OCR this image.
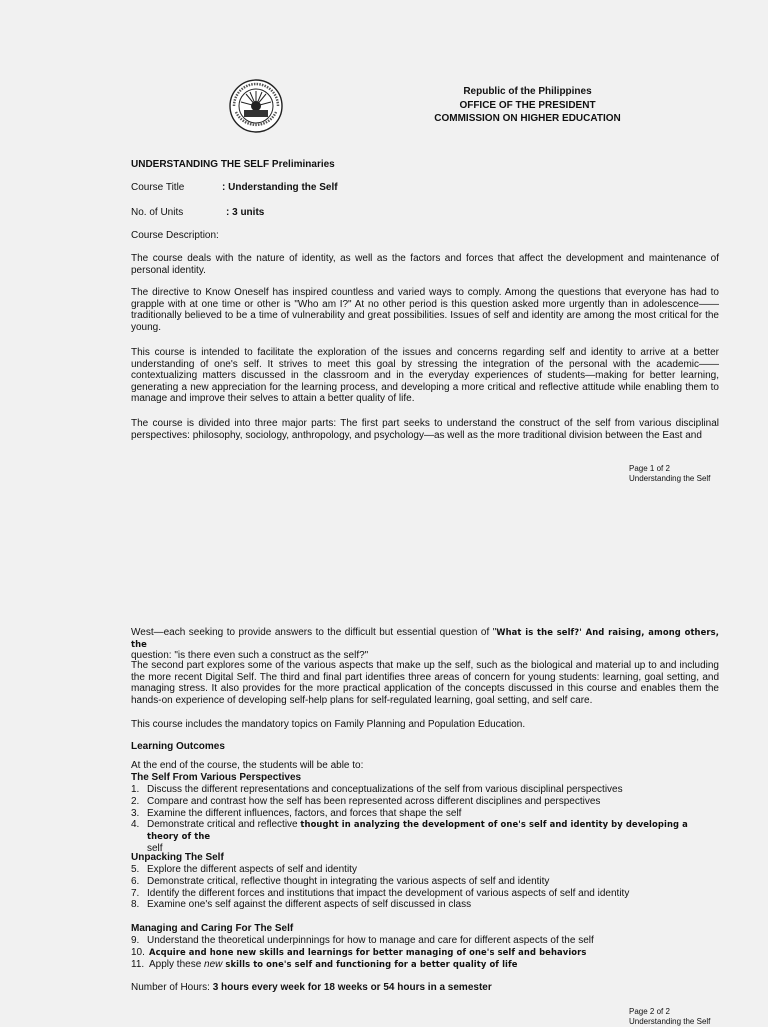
Republic of the Philippines
OFFICE OF THE PRESIDENT
COMMISSION ON HIGHER EDUCATION
UNDERSTANDING THE SELF Preliminaries
Course Title	: Understanding the Self
No. of Units	: 3 units
Course Description:
The course deals with the nature of identity, as well as the factors and forces that affect the development and maintenance of personal identity.
The directive to Know Oneself has inspired countless and varied ways to comply. Among the questions that everyone has had to grapple with at one time or other is "Who am I?" At no other period is this question asked more urgently than in adolescence—— traditionally believed to be a time of vulnerability and great possibilities. Issues of self and identity are among the most critical for the young.
This course is intended to facilitate the exploration of the issues and concerns regarding self and identity to arrive at a better understanding of one's self. It strives to meet this goal by stressing the integration of the personal with the academic—— contextualizing matters discussed in the classroom and in the everyday experiences of students—making for better learning, generating a new appreciation for the learning process, and developing a more critical and reflective attitude while enabling them to manage and improve their selves to attain a better quality of life.
The course is divided into three major parts: The first part seeks to understand the construct of the self from various disciplinal perspectives: philosophy, sociology, anthropology, and psychology—as well as the more traditional division between the East and
Page 1 of 2
Understanding the Self
West—each seeking to provide answers to the difficult but essential question of "What is the self?' And raising, among others, the
question: "is there even such a construct as the self?"
The second part explores some of the various aspects that make up the self, such as the biological and material up to and including the more recent Digital Self. The third and final part identifies three areas of concern for young students: learning, goal setting, and managing stress. It also provides for the more practical application of the concepts discussed in this course and enables them the hands-on experience of developing self-help plans for self-regulated learning, goal setting, and self care.
This course includes the mandatory topics on Family Planning and Population Education.
Learning Outcomes
At the end of the course, the students will be able to:
The Self From Various Perspectives
1. Discuss the different representations and conceptualizations of the self from various disciplinal perspectives
2. Compare and contrast how the self has been represented across different disciplines and perspectives
3. Examine the different influences, factors, and forces that shape the self
4. Demonstrate critical and reflective thought in analyzing the development of one's self and identity by developing a theory of the
self
Unpacking The Self
5. Explore the different aspects of self and identity
6. Demonstrate critical, reflective thought in integrating the various aspects of self and identity
7. Identify the different forces and institutions that impact the development of various aspects of self and identity
8. Examine one's self against the different aspects of self discussed in class
Managing and Caring For The Self
9. Understand the theoretical underpinnings for how to manage and care for different aspects of the self
10. Acquire and hone new skills and learnings for better managing of one's self and behaviors
11. Apply these new skills to one's self and functioning for a better quality of life
Number of Hours: 3 hours every week for 18 weeks or 54 hours in a semester
Page 2 of 2
Understanding the Self
